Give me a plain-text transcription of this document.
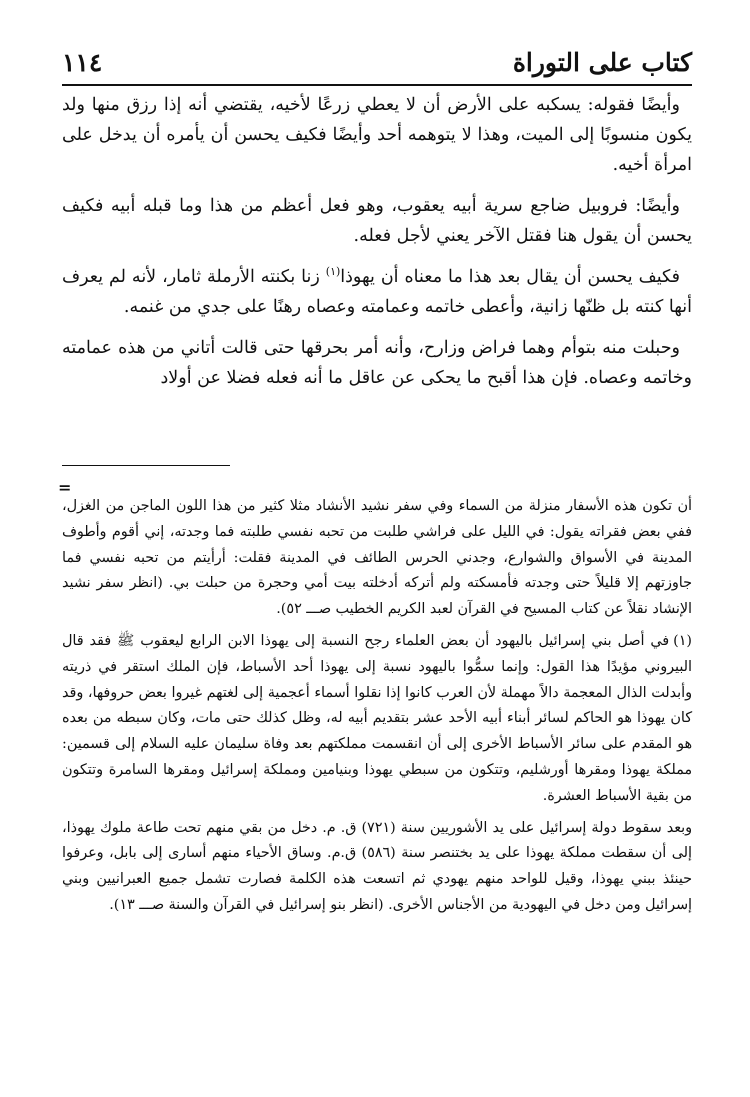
كتاب على التوراة
١١٤

وأيضًا فقوله: يسكبه على الأرض أن لا يعطي زرعًا لأخيه، يقتضي أنه إذا رزق منها ولد يكون منسوبًا إلى الميت، وهذا لا يتوهمه أحد وأيضًا فكيف يحسن أن يأمره أن يدخل على امرأة أخيه.

وأيضًا: فروبيل ضاجع سرية أبيه يعقوب، وهو فعل أعظم من هذا وما قبله أبيه فكيف يحسن أن يقول هنا فقتل الآخر يعني لأجل فعله.

فكيف يحسن أن يقال بعد هذا ما معناه أن يهوذا$^{(١)}$ زنا بكنته الأرملة ثامار، لأنه لم يعرف أنها كنته بل ظنّها زانية، وأعطى خاتمه وعمامته وعصاه رهنًا على جدي من غنمه.

وحبلت منه بتوأم وهما فراض وزارح، وأنه أمر بحرقها حتى قالت أتاني من هذه عمامته وخاتمه وعصاه. فإن هذا أقبح ما يحكى عن عاقل ما أنه فعله فضلا عن أولاد

=

أن تكون هذه الأسفار منزلة من السماء وفي سفر نشيد الأنشاد مثلا كثير من هذا اللون الماجن من الغزل، ففي بعض فقراته يقول: في الليل على فراشي طلبت من تحبه نفسي طلبته فما وجدته، إني أقوم وأطوف المدينة في الأسواق والشوارع، وجدني الحرس الطائف في المدينة فقلت: أرأيتم من تحبه نفسي فما جاوزتهم إلا قليلاً حتى وجدته فأمسكته ولم أتركه أدخلته بيت أمي وحجرة من حبلت بي. (انظر سفر نشيد الإنشاد نقلاً عن كتاب المسيح في القرآن لعبد الكريم الخطيب صـــ ٥٢).

(١)في أصل بني إسرائيل باليهود أن بعض العلماء رجح النسبة إلى يهوذا الابن الرابع ليعقوب ﷺ فقد قال البيروني مؤيدًا هذا القول: وإنما سمُّوا باليهود نسبة إلى يهوذا أحد الأسباط، فإن الملك استقر في ذريته وأبدلت الذال المعجمة دالاً مهملة لأن العرب كانوا إذا نقلوا أسماء أعجمية إلى لغتهم غيروا بعض حروفها، وقد كان يهوذا هو الحاكم لسائر أبناء أبيه الأحد عشر بتقديم أبيه له، وظل كذلك حتى مات، وكان سبطه من بعده هو المقدم على سائر الأسباط الأخرى إلى أن انقسمت مملكتهم بعد وفاة سليمان عليه السلام إلى قسمين: مملكة يهوذا ومقرها أورشليم، وتتكون من سبطي يهوذا وبنيامين ومملكة إسرائيل ومقرها السامرة وتتكون من بقية الأسباط العشرة.

وبعد سقوط دولة إسرائيل على يد الأشوريين سنة (٧٢١) ق. م. دخل من بقي منهم تحت طاعة ملوك يهوذا، إلى أن سقطت مملكة يهوذا على يد بختنصر سنة (٥٨٦) ق.م. وساق الأحياء منهم أسارى إلى بابل، وعرفوا حينئذ ببني يهوذا، وقيل للواحد منهم يهودي ثم اتسعت هذه الكلمة فصارت تشمل جميع العبرانيين وبني إسرائيل ومن دخل في اليهودية من الأجناس الأخرى. (انظر بنو إسرائيل في القرآن والسنة صـــ ١٣).
